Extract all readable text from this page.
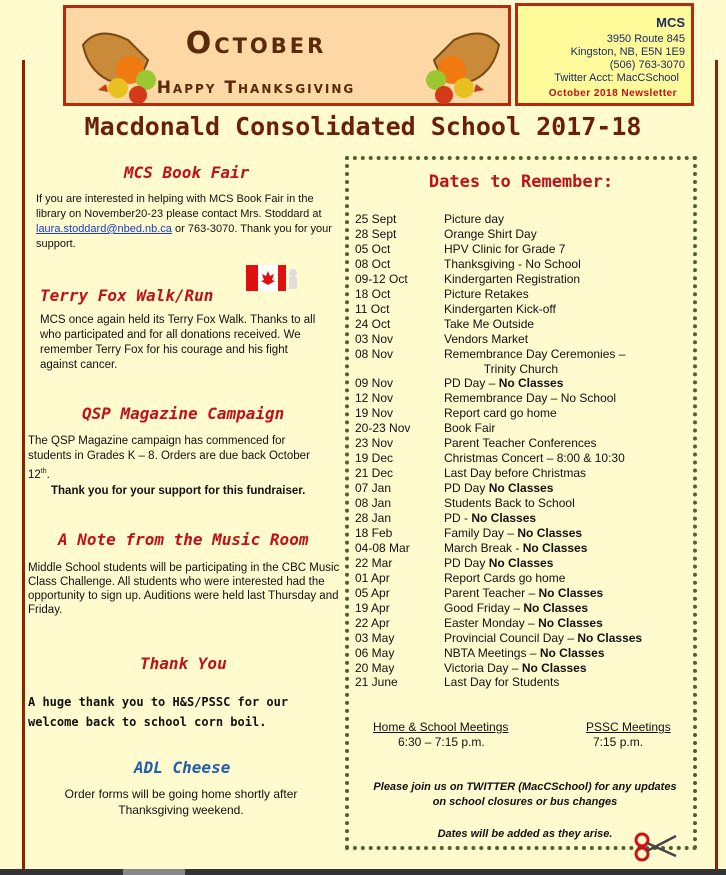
October
Happy Thanksgiving
MCS
3950 Route 845
Kingston, NB, E5N 1E9
(506) 763-3070
Twitter Acct: MacCSchool
October 2018 Newsletter
Macdonald Consolidated School 2017-18
MCS Book Fair
If you are interested in helping with MCS Book Fair in the library on November20-23 please contact Mrs. Stoddard at laura.stoddard@nbed.nb.ca or 763-3070. Thank you for your support.
Terry Fox Walk/Run
MCS once again held its Terry Fox Walk. Thanks to all who participated and for all donations received. We remember Terry Fox for his courage and his fight against cancer.
QSP Magazine Campaign
The QSP Magazine campaign has commenced for students in Grades K – 8. Orders are due back October 12th.
Thank you for your support for this fundraiser.
A Note from the Music Room
Middle School students will be participating in the CBC Music Class Challenge. All students who were interested had the opportunity to sign up. Auditions were held last Thursday and Friday.
Thank You
A huge thank you to H&S/PSSC for our welcome back to school corn boil.
ADL Cheese
Order forms will be going home shortly after Thanksgiving weekend.
Dates to Remember:
25 Sept	Picture day
28 Sept	Orange Shirt Day
05 Oct	HPV Clinic for Grade 7
08 Oct	Thanksgiving - No School
09-12 Oct	Kindergarten Registration
18 Oct	Picture Retakes
11 Oct	Kindergarten Kick-off
24 Oct	Take Me Outside
03 Nov	Vendors Market
08 Nov	Remembrance Day Ceremonies –
Trinity Church
09 Nov	PD Day – No Classes
12 Nov	Remembrance Day – No School
19 Nov	Report card go home
20-23 Nov	Book Fair
23 Nov	Parent Teacher Conferences
19 Dec	Christmas Concert – 8:00 & 10:30
21 Dec	Last Day before Christmas
07 Jan	PD Day No Classes
08 Jan	Students Back to School
28 Jan	PD - No Classes
18 Feb	Family Day – No Classes
04-08 Mar	March Break - No Classes
22 Mar	PD Day No Classes
01 Apr	Report Cards go home
05 Apr	Parent Teacher – No Classes
19 Apr	Good Friday – No Classes
22 Apr	Easter Monday – No Classes
03 May	Provincial Council Day – No Classes
06 May	NBTA Meetings – No Classes
20 May	Victoria Day – No Classes
21 June	Last Day for Students
Home & School Meetings
6:30 – 7:15 p.m.
PSSC Meetings
7:15 p.m.
Please join us on TWITTER (MacCSchool) for any updates on school closures or bus changes
Dates will be added as they arise.
